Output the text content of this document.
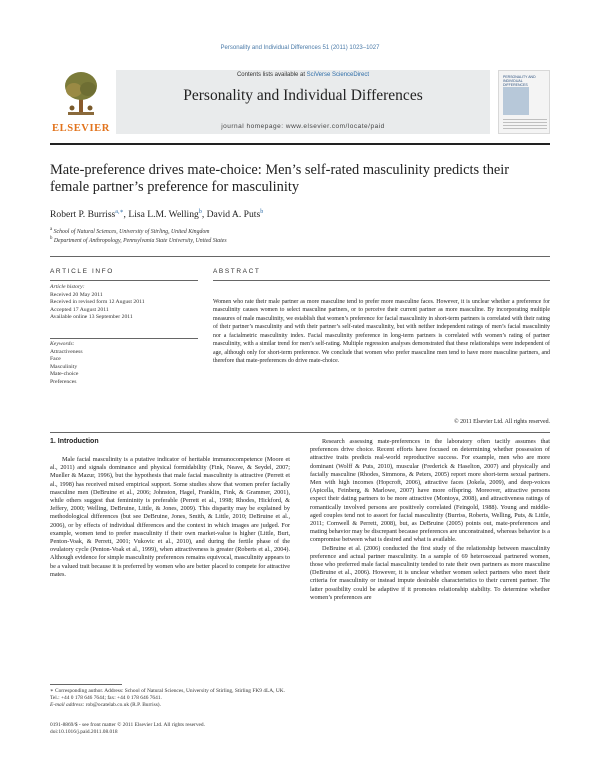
Personality and Individual Differences 51 (2011) 1023–1027
ELSEVIER
Contents lists available at SciVerse ScienceDirect
Personality and Individual Differences
journal homepage: www.elsevier.com/locate/paid
PERSONALITY AND INDIVIDUAL DIFFERENCES
Mate-preference drives mate-choice: Men’s self-rated masculinity predicts their female partner’s preference for masculinity
Robert P. Burriss$^{a,∗}$, Lisa L.M. Welling$^b$, David A. Puts$^b$
$^a$ School of Natural Sciences, University of Stirling, United Kingdom
$^b$ Department of Anthropology, Pennsylvania State University, United States
ARTICLE INFO	ABSTRACT
Article history:
Received 20 May 2011
Received in revised form 12 August 2011
Accepted 17 August 2011
Available online 13 September 2011
Keywords:
Attractiveness
Face
Masculinity
Mate-choice
Preferences
Women who rate their male partner as more masculine tend to prefer more masculine faces. However, it is unclear whether a preference for masculinity causes women to select masculine partners, or to perceive their current partner as more masculine. By incorporating multiple measures of male masculinity, we establish that women’s preference for facial masculinity in short-term partners is correlated with their rating of their partner’s masculinity and with their partner’s self-rated masculinity, but with neither independent ratings of men’s facial masculinity nor a facialmetric masculinity index. Facial masculinity preference in long-term partners is correlated with women’s rating of partner masculinity, with a similar trend for men’s self-rating. Multiple regression analyses demonstrated that these relationships were independent of age, although only for short-term preference. We conclude that women who prefer masculine men tend to have more masculine partners, and therefore that mate-preferences do drive mate-choice.
© 2011 Elsevier Ltd. All rights reserved.
1. Introduction

Male facial masculinity is a putative indicator of heritable immunocompetence (Moore et al., 2011) and signals dominance and physical formidability (Fink, Neave, & Seydel, 2007; Mueller & Mazur, 1996), but the hypothesis that male facial masculinity is attractive (Perrett et al., 1998) has received mixed empirical support. Some studies show that women prefer facially masculine men (DeBruine et al., 2006; Johnston, Hagel, Franklin, Fink, & Grammer, 2001), while others suggest that femininity is preferable (Perrett et al., 1998; Rhodes, Hickford, & Jeffery, 2000; Welling, DeBruine, Little, & Jones, 2009). This disparity may be explained by methodological differences (but see DeBruine, Jones, Smith, & Little, 2010; DeBruine et al., 2006), or by effects of individual differences and the context in which images are judged. For example, women tend to prefer masculinity if their own market-value is higher (Little, Burt, Penton-Voak, & Perrett, 2001; Vukovic et al., 2010), and during the fertile phase of the ovulatory cycle (Penton-Voak et al., 1999), when attractiveness is greater (Roberts et al., 2004). Although evidence for simple masculinity preferences remains equivocal, masculinity appears to be a valued trait because it is preferred by women who are better placed to compete for attractive mates.

Research assessing mate-preferences in the laboratory often tacitly assumes that preferences drive choice. Recent efforts have focused on determining whether possession of attractive traits predicts real-world reproductive success. For example, men who are more dominant (Wolff & Puts, 2010), muscular (Frederick & Haselton, 2007) and physically and facially masculine (Rhodes, Simmons, & Peters, 2005) report more short-term sexual partners. Men with high incomes (Hopcroft, 2006), attractive faces (Jokela, 2009), and deep-voices (Apicella, Feinberg, & Marlowe, 2007) have more offspring. Moreover, attractive persons expect their dating partners to be more attractive (Montoya, 2008), and attractiveness ratings of romantically involved persons are positively correlated (Feingold, 1988). Young and middle-aged couples tend not to assort for facial masculinity (Burriss, Roberts, Welling, Puts, & Little, 2011; Cornwell & Perrett, 2008), but, as DeBruine (2005) points out, mate-preferences and mating behavior may be discrepant because preferences are unconstrained, whereas behavior is a compromise between what is desired and what is available.

DeBruine et al. (2006) conducted the first study of the relationship between masculinity preference and actual partner masculinity. In a sample of 69 heterosexual partnered women, those who preferred male facial masculinity tended to rate their own partners as more masculine (DeBruine et al., 2006). However, it is unclear whether women select partners who meet their criteria for masculinity or instead impute desirable characteristics to their current partner. The latter possibility could be adaptive if it promotes relationship stability. To determine whether women’s preferences are

∗ Corresponding author. Address: School of Natural Sciences, University of Stirling, Stirling FK9 4LA, UK. Tel.: +44 0 178 646 7644; fax: +44 0 178 646 7641.
E-mail address: rob@ocatelab.co.uk (R.P. Burriss).
0191-8869/$ - see front matter © 2011 Elsevier Ltd. All rights reserved.
doi:10.1016/j.paid.2011.08.018
